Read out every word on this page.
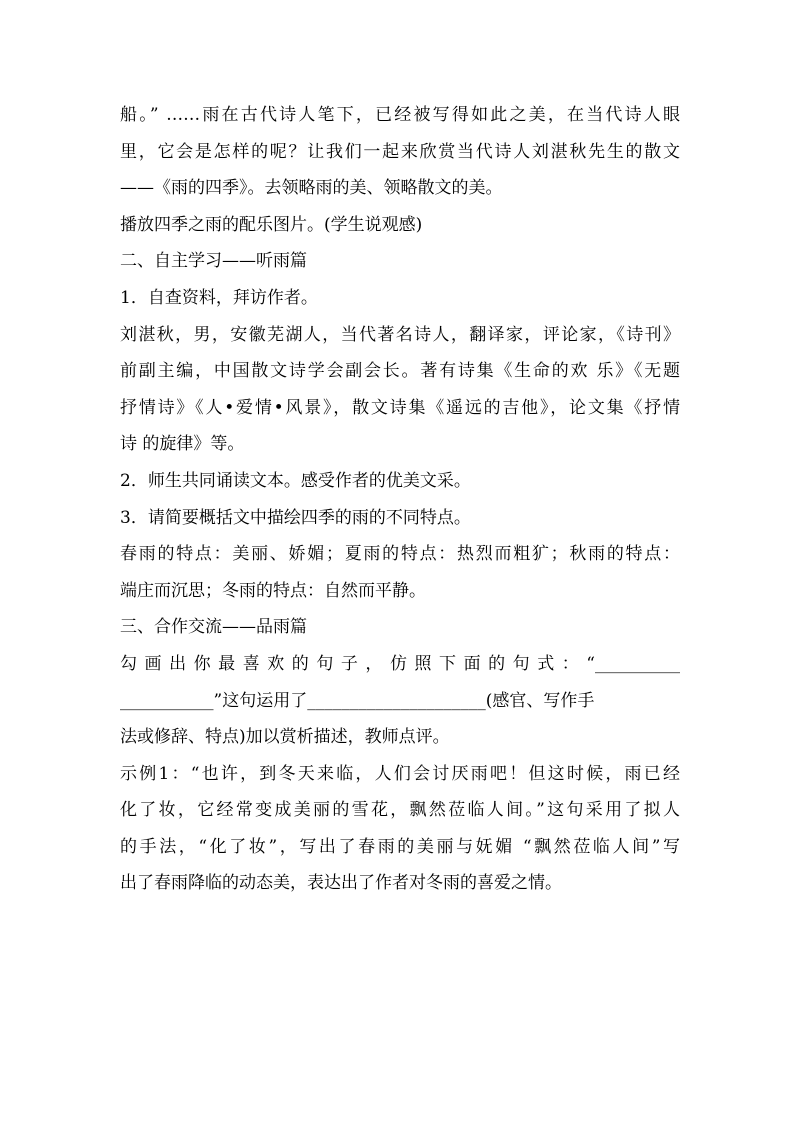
船。” ……雨在古代诗人笔下，已经被写得如此之美，在当代诗人眼
里，它会是怎样的呢？让我们一起来欣赏当代诗人刘湛秋先生的散文
——《雨的四季》。去领略雨的美、领略散文的美。
播放四季之雨的配乐图片。(学生说观感)
二、自主学习——听雨篇
1．自查资料，拜访作者。
刘湛秋，男，安徽芜湖人，当代著名诗人，翻译家，评论家，《诗刊》
前副主编，中国散文诗学会副会长。著有诗集《生命的欢 乐》《无题
抒情诗》《人•爱情•风景》，散文诗集《遥远的吉他》，论文集《抒情
诗 的旋律》等。
2．师生共同诵读文本。感受作者的优美文采。
3．请简要概括文中描绘四季的雨的不同特点。
春雨的特点：美丽、娇媚；夏雨的特点：热烈而粗犷；秋雨的特点：
端庄而沉思；冬雨的特点：自然而平静。
三、合作交流——品雨篇
勾画出你最喜欢的句子，仿照下面的句式：“__________
___________”这句运用了_____________________(感官、写作手
法或修辞、特点)加以赏析描述，教师点评。
示例1：“也许，到冬天来临，人们会讨厌雨吧！但这时候，雨已经
化了妆，它经常变成美丽的雪花，飘然莅临人间。”这句采用了拟人
的手法，“化了妆”，写出了春雨的美丽与妩媚 “飘然莅临人间”写
出了春雨降临的动态美，表达出了作者对冬雨的喜爱之情。
